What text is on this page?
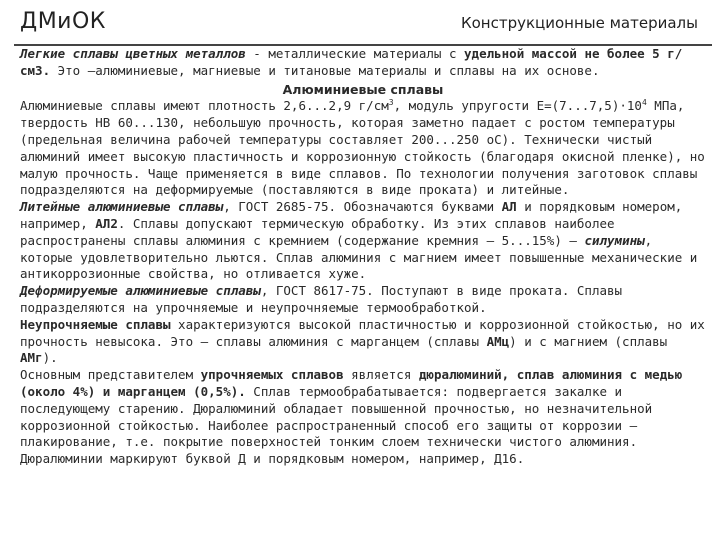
ДМиОК	Конструкционные материалы

Легкие сплавы цветных металлов - металлические материалы с удельной массой не более 5 г/см3. Это –алюминиевые, магниевые и титановые материалы и сплавы на их основе.

Алюминиевые сплавы

Алюминиевые сплавы имеют плотность 2,6...2,9 $г/см^3$, модуль упругости $Е=(7...7,5)\cdot 10^4$ МПа, твердость НВ 60...130, небольшую прочность, которая заметно падает с ростом температуры (предельная величина рабочей температуры составляет 200...250 оС). Технически чистый алюминий имеет высокую пластичность и коррозионную стойкость (благодаря окисной пленке), но малую прочность. Чаще применяется в виде сплавов. По технологии получения заготовок сплавы подразделяются на деформируемые (поставляются в виде проката) и литейные.

Литейные алюминиевые сплавы, ГОСТ 2685-75. Обозначаются буквами АЛ и порядковым номером, например, АЛ2. Сплавы допускают термическую обработку. Из этих сплавов наиболее распространены сплавы алюминия с кремнием (содержание кремния – 5...15%) – силумины, которые удовлетворительно льются. Сплав алюминия с магнием имеет повышенные механические и антикоррозионные свойства, но отливается хуже.

Деформируемые алюминиевые сплавы, ГОСТ 8617-75. Поступают в виде проката. Сплавы подразделяются на упрочняемые и неупрочняемые термообработкой.

Неупрочняемые сплавы характеризуются высокой пластичностью и коррозионной стойкостью, но их прочность невысока. Это – сплавы алюминия с марганцем (сплавы АМц) и с магнием (сплавы АМг).

Основным представителем упрочняемых сплавов является дюралюминий, сплав алюминия с медью (около 4%) и марганцем (0,5%). Сплав термообрабатывается: подвергается закалке и последующему старению. Дюралюминий обладает повышенной прочностью, но незначительной коррозионной стойкостью. Наиболее распространенный способ его защиты от коррозии – плакирование, т.е. покрытие поверхностей тонким слоем технически чистого алюминия. Дюралюминии маркируют буквой Д и порядковым номером, например, Д16.
